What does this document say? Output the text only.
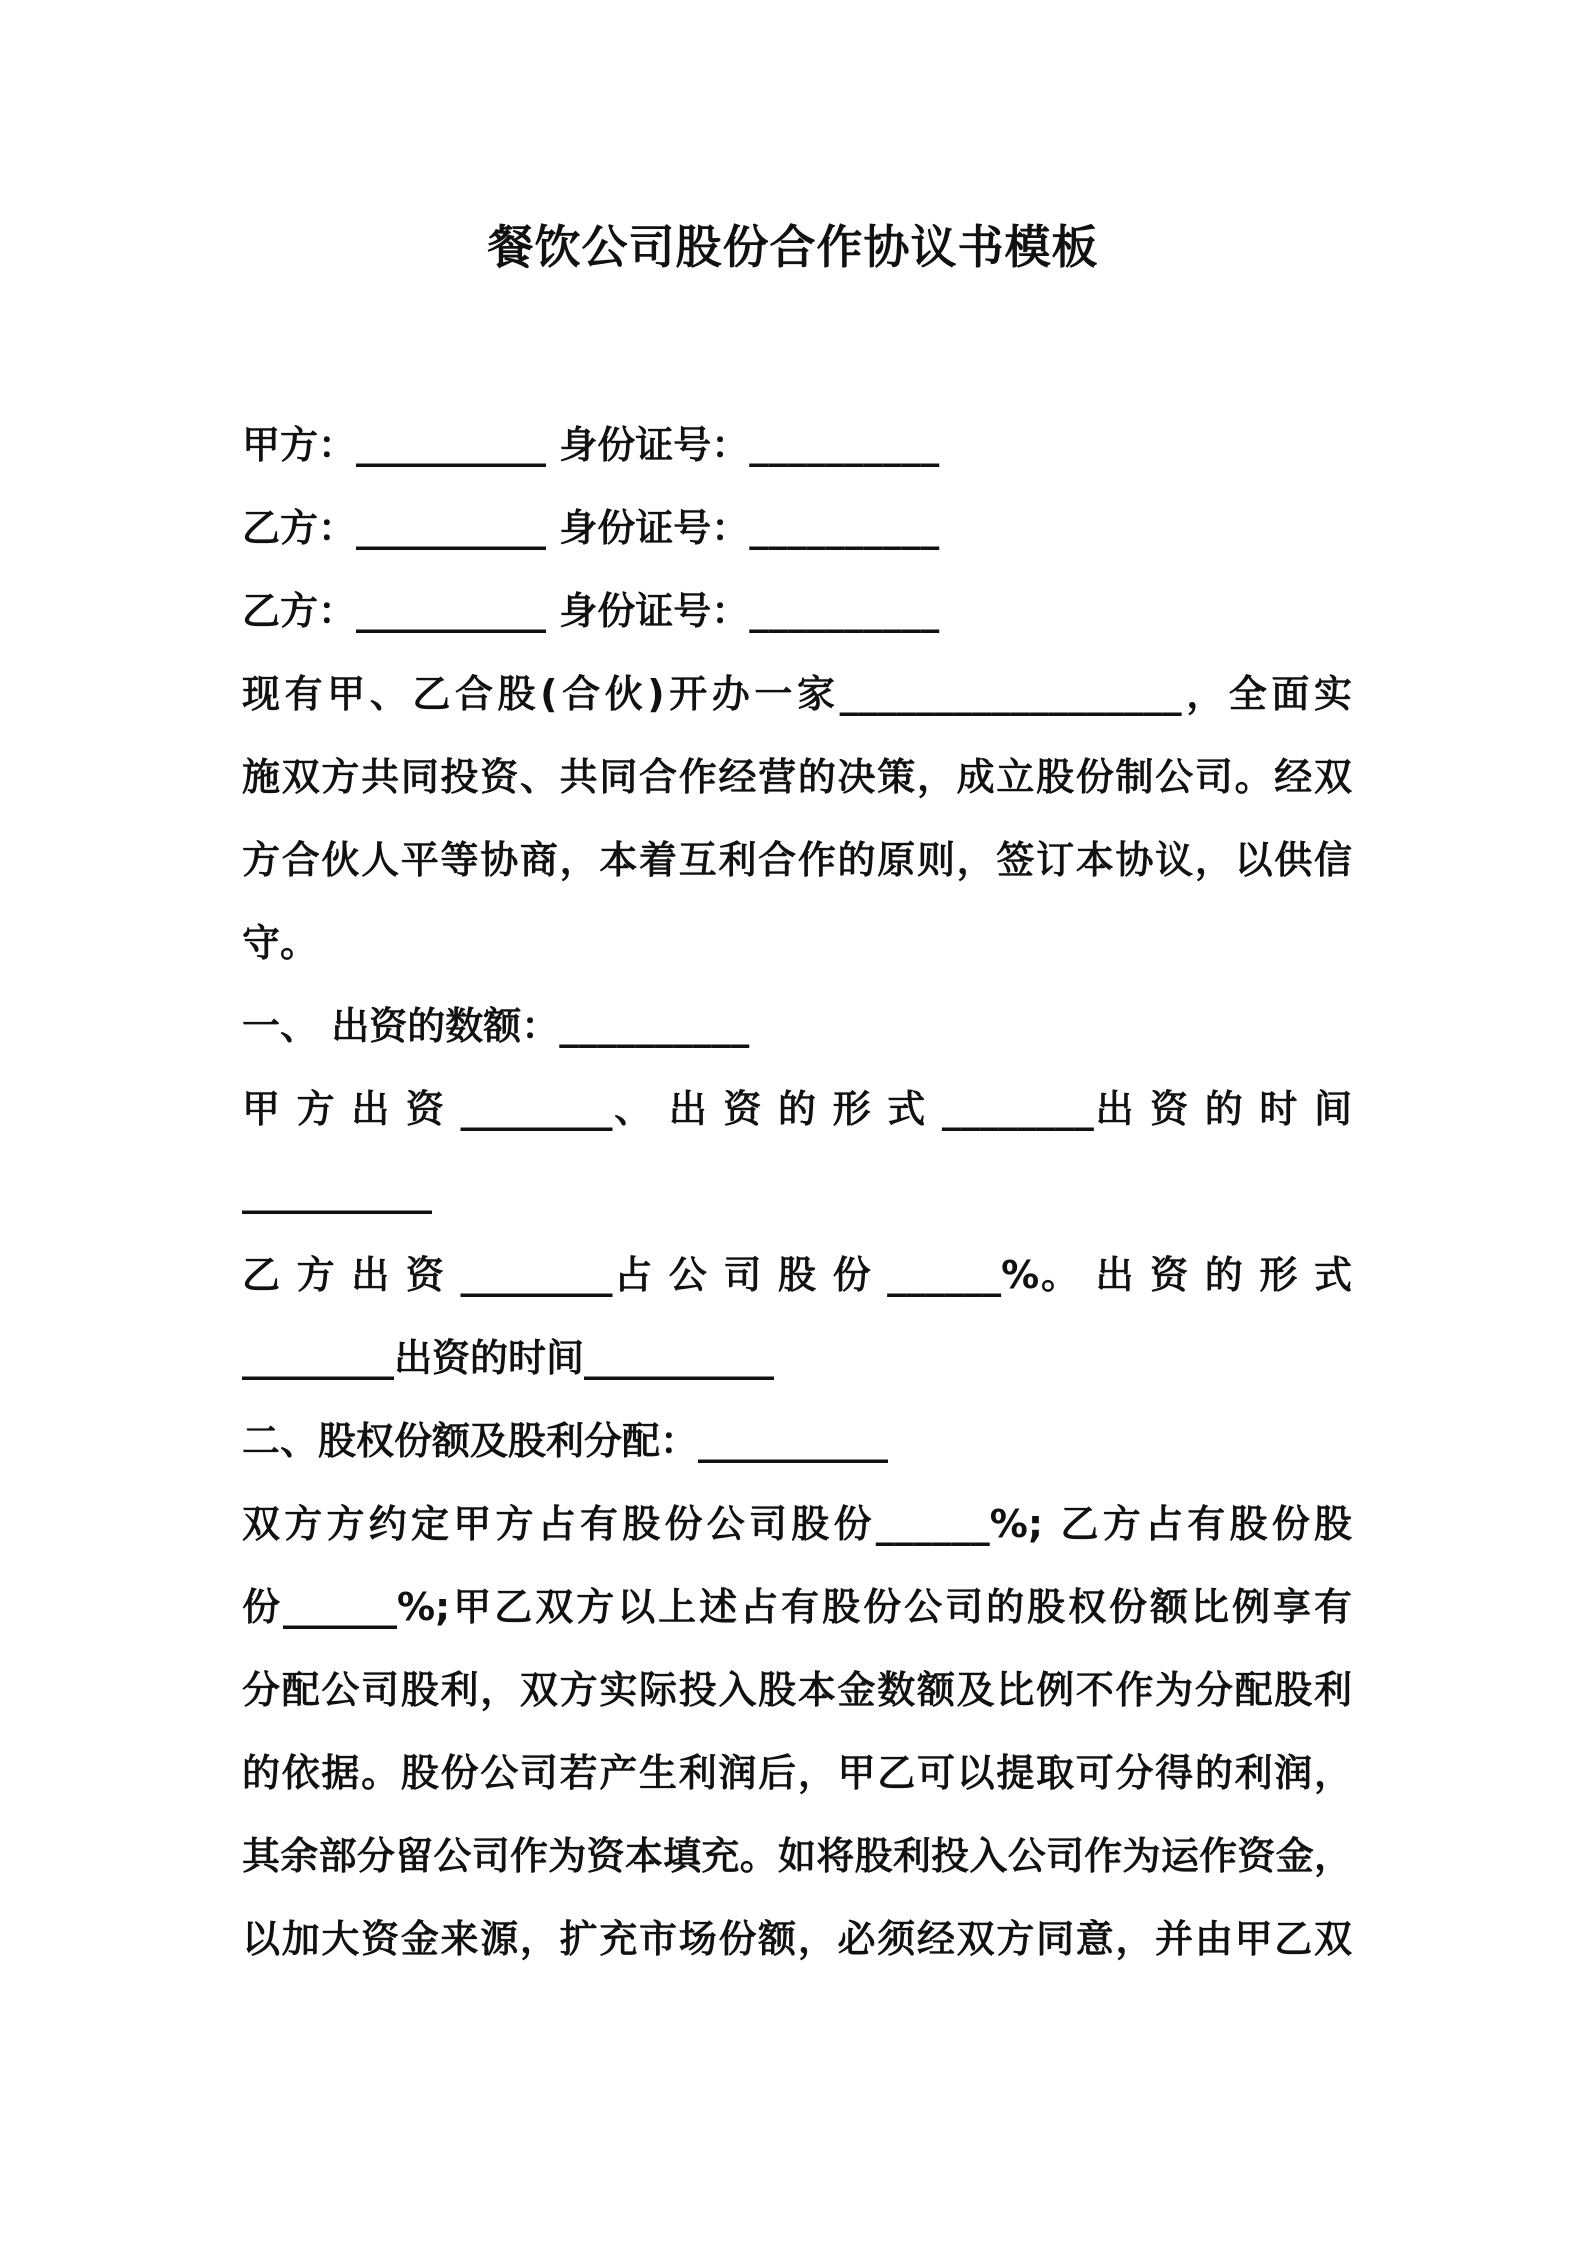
餐饮公司股份合作协议书模板

甲方：__________ 身份证号：__________

乙方：__________ 身份证号：__________

乙方：__________ 身份证号：__________

现有甲、乙合股(合伙)开办一家__________________，全面实

施双方共同投资、共同合作经营的决策，成立股份制公司。经双

方合伙人平等协商，本着互利合作的原则，签订本协议，以供信

守。

一、 出资的数额：__________

甲 方 出 资 ________、 出 资 的 形 式 ________出 资 的 时 间

__________

乙 方 出 资 ________占 公 司 股 份 ______%。 出 资 的 形 式

________出资的时间__________

二、股权份额及股利分配：__________

双方方约定甲方占有股份公司股份______%; 乙方占有股份股

份______%;甲乙双方以上述占有股份公司的股权份额比例享有

分配公司股利，双方实际投入股本金数额及比例不作为分配股利

的依据。股份公司若产生利润后，甲乙可以提取可分得的利润，

其余部分留公司作为资本填充。如将股利投入公司作为运作资金，

以加大资金来源，扩充市场份额，必须经双方同意，并由甲乙双
